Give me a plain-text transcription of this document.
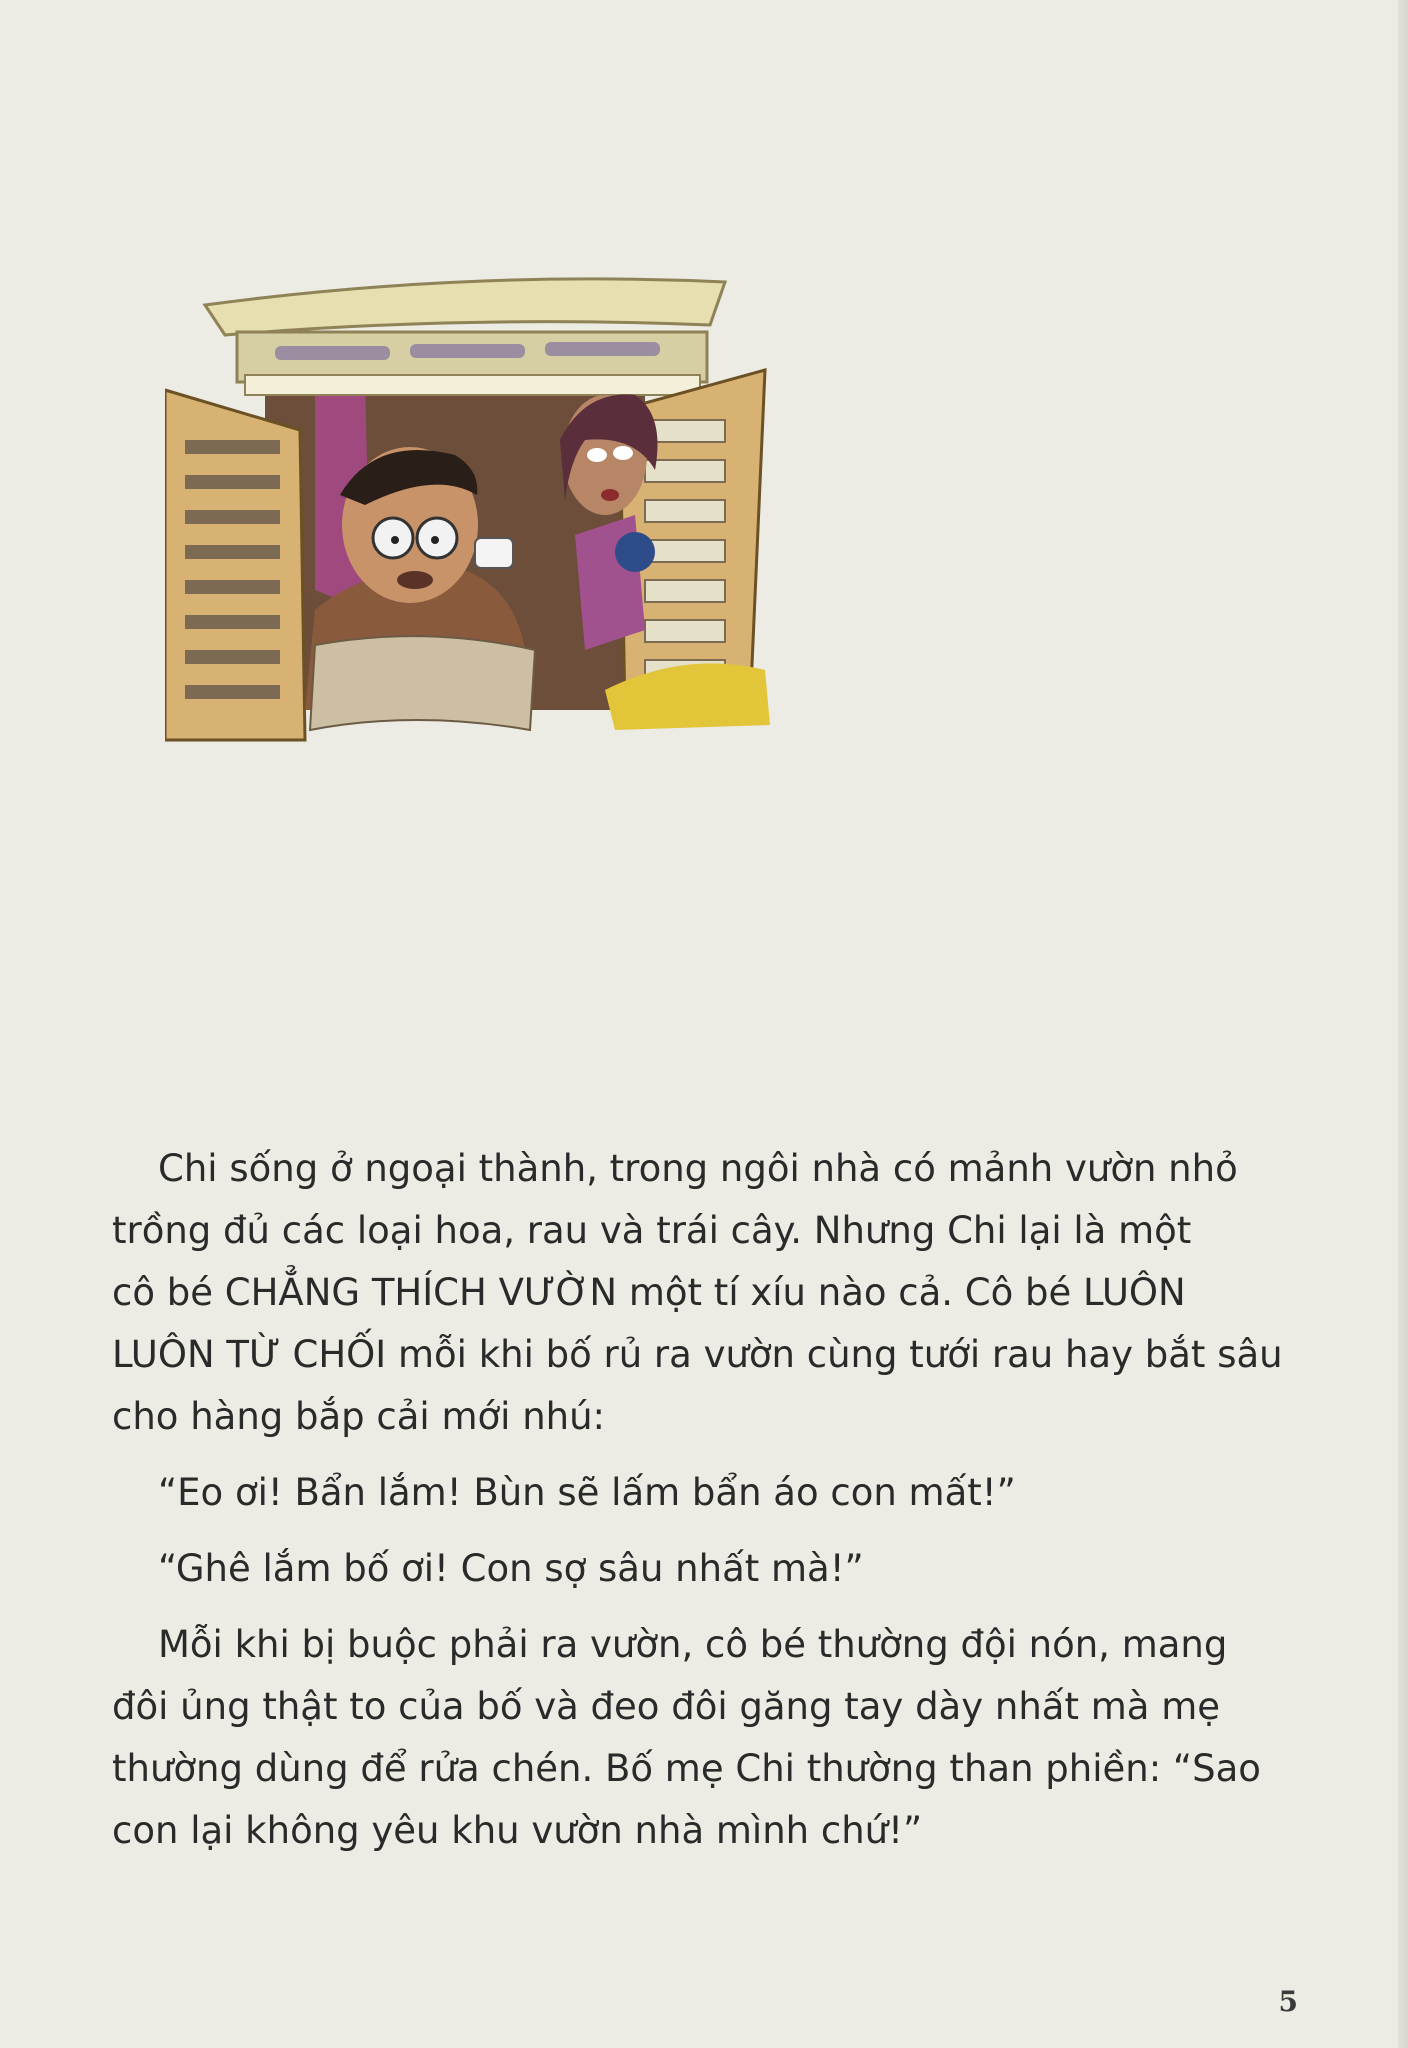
Chi sống ở ngoại thành, trong ngôi nhà có mảnh vườn nhỏ
trồng đủ các loại hoa, rau và trái cây. Nhưng Chi lại là một
cô bé CHẲNG THÍCH VƯỜN một tí xíu nào cả. Cô bé LUÔN
LUÔN TỪ CHỐI mỗi khi bố rủ ra vườn cùng tưới rau hay bắt sâu
cho hàng bắp cải mới nhú:
“Eo ơi! Bẩn lắm! Bùn sẽ lấm bẩn áo con mất!”
“Ghê lắm bố ơi! Con sợ sâu nhất mà!”
Mỗi khi bị buộc phải ra vườn, cô bé thường đội nón, mang
đôi ủng thật to của bố và đeo đôi găng tay dày nhất mà mẹ
thường dùng để rửa chén. Bố mẹ Chi thường than phiền: “Sao
con lại không yêu khu vườn nhà mình chứ!”
5
